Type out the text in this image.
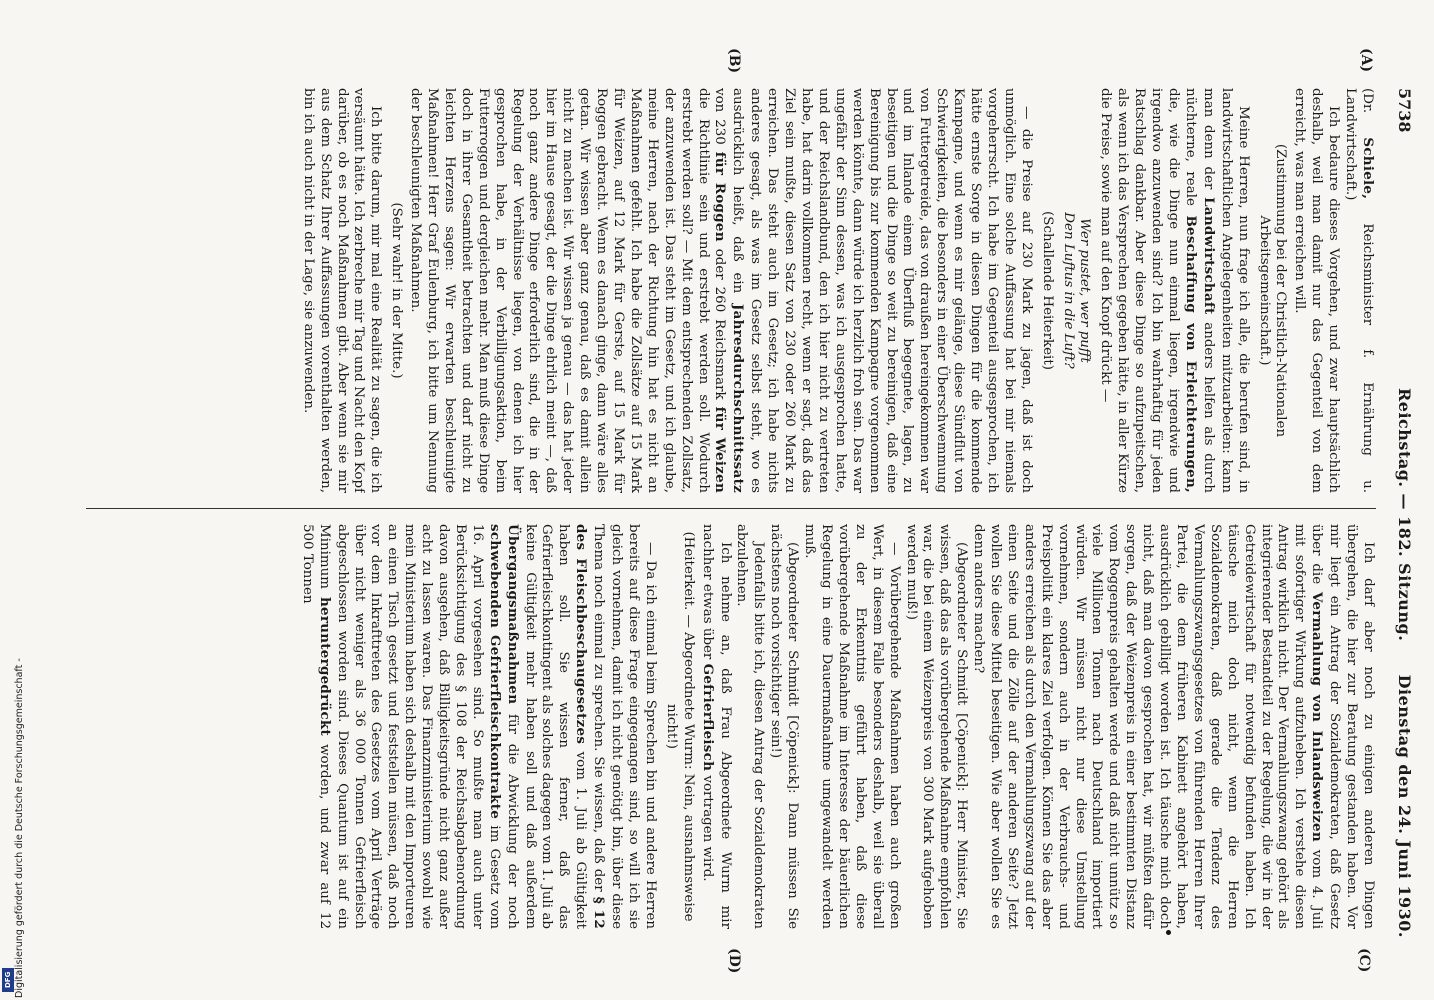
5738
Reichstag. — 182. Sitzung.
Dienstag den 24. Juni 1930.
(A)
(B)
(C)
(D)

(Dr. Schiele, Reichsminister f. Ernährung u. Landwirtschaft.)

Ich bedaure dieses Vorgehen, und zwar hauptsächlich deshalb, weil man damit nur das Gegenteil von dem erreicht, was man erreichen will.

(Zustimmung bei der Christlich-Nationalen Arbeitsgemeinschaft.)

Meine Herren, nun frage ich alle, die berufen sind, in landwirtschaftlichen Angelegenheiten mitzuarbeiten: kann man denn der Landwirtschaft anders helfen als durch nüchterne, reale Beschaffung von Erleichterungen, die, wie die Dinge nun einmal liegen, irgendwie und irgendwo anzuwenden sind? Ich bin wahrhaftig für jeden Ratschlag dankbar. Aber diese Dinge so aufzupeitschen, als wenn ich das Versprechen gegeben hätte, in aller Kürze die Preise, sowie man auf den Knopf drückt —

Wer pustet, wer pufft

Den Luftus in die Luft?

(Schallende Heiterkeit)

— die Preise auf 230 Mark zu jagen, daß ist doch unmöglich. Eine solche Auffassung hat bei mir niemals vorgeherrscht. Ich habe im Gegenteil ausgesprochen, ich hätte ernste Sorge in diesen Dingen für die kommende Kampagne, und wenn es mir gelänge, diese Sündflut von Schwierigkeiten, die besonders in einer Überschwemmung von Futtergetreide, das von draußen hereingekommen war und im Inlande einem Überfluß begegnete, lagen, zu beseitigen und die Dinge so weit zu bereinigen, daß eine Bereinigung bis zur kommenden Kampagne vorgenommen werden könnte, dann würde ich herzlich froh sein. Das war ungefähr der Sinn dessen, was ich ausgesprochen hatte, und der Reichslandbund, den ich hier nicht zu vertreten habe, hat darin vollkommen recht, wenn er sagt, daß das Ziel sein mußte, diesen Satz von 230 oder 260 Mark zu erreichen. Das steht auch im Gesetz; ich habe nichts anderes gesagt, als was im Gesetz selbst steht, wo es ausdrücklich heißt, daß ein Jahresdurchschnittssatz von 230 für Roggen oder 260 Reichsmark für Weizen die Richtlinie sein und erstrebt werden soll. Wodurch erstrebt werden soll? — Mit dem entsprechenden Zollsatz, der anzuwenden ist. Das steht im Gesetz, und ich glaube, meine Herren, nach der Richtung hin hat es nicht an Maßnahmen gefehlt. Ich habe die Zollsätze auf 15 Mark für Weizen, auf 12 Mark für Gerste, auf 15 Mark für Roggen gebracht. Wenn es danach ginge, dann wäre alles getan. Wir wissen aber ganz genau, daß es damit allein nicht zu machen ist. Wir wissen ja genau — das hat jeder hier im Hause gesagt, der die Dinge ehrlich meint —, daß noch ganz andere Dinge erforderlich sind, die in der Regelung der Verhältnisse liegen, von denen ich hier gesprochen habe, in der Verbilligungsaktion, beim Futterroggen und dergleichen mehr. Man muß diese Dinge doch in ihrer Gesamtheit betrachten und darf nicht zu leichten Herzens sagen: Wir erwarten beschleunigte Maßnahmen! Herr Graf Eulenburg, ich bitte um Nennung der beschleunigten Maßnahmen.

(Sehr wahr! in der Mitte.)

Ich bitte darum, mir mal eine Realität zu sagen, die ich versäumt hätte. Ich zerbreche mir Tag und Nacht den Kopf darüber, ob es noch Maßnahmen gibt. Aber wenn sie mir aus dem Schatz Ihrer Auffassungen vorenthalten werden, bin ich auch nicht in der Lage, sie anzuwenden.

Ich darf aber noch zu einigen anderen Dingen übergehen, die hier zur Beratung gestanden haben. Vor mir liegt ein Antrag der Sozialdemokraten, daß Gesetz über die Vermahlung von Inlandsweizen vom 4. Juli mit sofortiger Wirkung aufzuheben. Ich verstehe diesen Antrag wirklich nicht. Der Vermahlungszwang gehört als integrierender Bestandteil zu der Regelung, die wir in der Getreidewirtschaft für notwendig befunden haben. Ich täusche mich doch nicht, wenn die Herren Sozialdemokraten, daß gerade die Tendenz des Vermahlungszwangsgesetzes von führenden Herren Ihrer Partei, die dem früheren Kabinett angehört haben, ausdrücklich gebilligt worden ist. Ich täusche mich doch nicht, daß man davon gesprochen hat, wir müßten dafür sorgen, daß der Weizenpreis in einer bestimmten Distanz vom Roggenpreis gehalten werde und daß nicht unnütz so viele Millionen Tonnen nach Deutschland importiert würden. Wir müssen nicht nur diese Umstellung vornehmen, sondern auch in der Verbrauchs- und Preispolitik ein klares Ziel verfolgen. Können Sie das aber anders erreichen als durch den Vermahlungszwang auf der einen Seite und die Zölle auf der anderen Seite? Jetzt wollen Sie diese Mittel beseitigen. Wie aber wollen Sie es denn anders machen?

(Abgeordneter Schmidt [Cöpenick]: Herr Minister, Sie wissen, daß das als vorübergehende Maßnahme empfohlen war, die bei einem Weizenpreis von 300 Mark aufgehoben werden muß!)

— Vorübergehende Maßnahmen haben auch großen Wert, in diesem Falle besonders deshalb, weil sie überall zu der Erkenntnis geführt haben, daß diese vorübergehende Maßnahme im Interesse der bäuerlichen Regelung in eine Dauermaßnahme umgewandelt werden muß.

(Abgeordneter Schmidt [Cöpenick]: Dann müssen Sie nächstens noch vorsichtiger sein!)

Jedenfalls bitte ich, diesen Antrag der Sozialdemokraten abzulehnen.

Ich nehme an, daß Frau Abgeordnete Wurm mir nachher etwas über Gefrierfleisch vortragen wird.

(Heiterkeit. — Abgeordnete Wurm: Nein, ausnahmsweise nicht!)

— Da ich einmal beim Sprechen bin und andere Herren bereits auf diese Frage eingegangen sind, so will ich sie gleich vornehmen, damit ich nicht genötigt bin, über diese Thema noch einmal zu sprechen. Sie wissen, daß der § 12 des Fleischbeschaugesetzes vom 1. Juli ab Gültigkeit haben soll. Sie wissen ferner, daß das Gefrierfleischkontingent als solches dagegen vom 1. Juli ab keine Gültigkeit mehr haben soll und daß außerdem Übergangsmaßnahmen für die Abwicklung der noch schwebenden Gefrierfleischkontrakte im Gesetz vom 16. April vorgesehen sind. So mußte man auch unter Berücksichtigung des § 108 der Reichsabgabenordnung davon ausgehen, daß Billigkeitsgründe nicht ganz außer acht zu lassen waren. Das Finanzministerium sowohl wie mein Ministerium haben sich deshalb mit den Importeuren an einen Tisch gesetzt und feststellen müssen, daß noch vor dem Inkrafttreten des Gesetzes vom April Verträge über nicht weniger als 36 000 Tonnen Gefrierfleisch abgeschlossen worden sind. Dieses Quantum ist auf ein Minimum heruntergedrückt worden, und zwar auf 12 500 Tonnen

DFG Digitalisierung gefördert durch die Deutsche Forschungsgemeinschaft -
